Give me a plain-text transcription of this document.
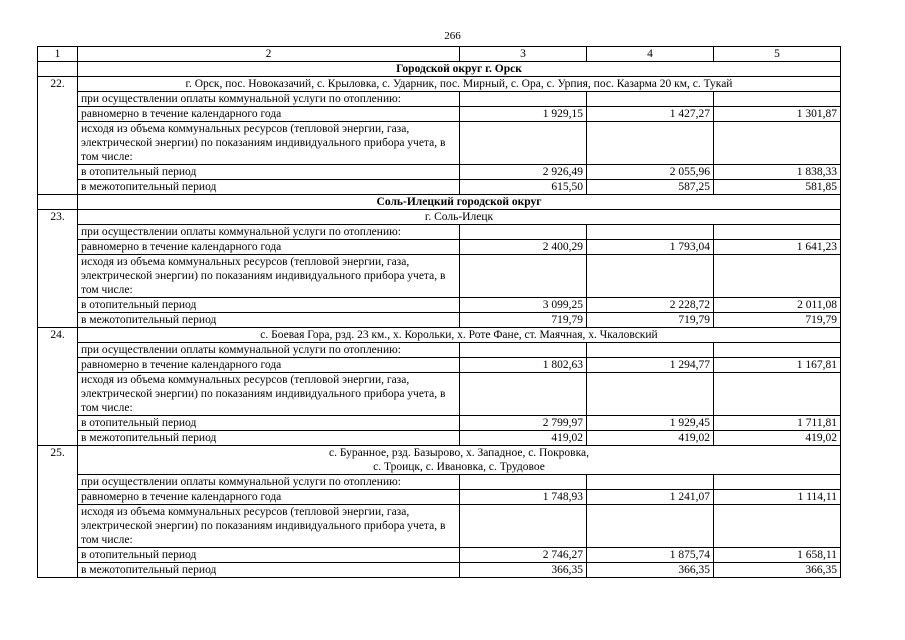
266
1	2	3	4	5
	Городской округ г. Орск			
22.	г. Орск, пос. Новоказачий, с. Крыловка, с. Ударник, пос. Мирный, с. Ора, с. Урпия, пос. Казарма 20 км, с. Тукай			

	при осуществлении оплаты коммунальной услуги по отоплению:			
	равномерно в течение календарного года	1 929,15	1 427,27	1 301,87
	исходя из объема коммунальных ресурсов (тепловой энергии, газа, электрической энергии) по показаниям индивидуального прибора учета, в том числе:			
	в отопительный период	2 926,49	2 055,96	1 838,33
	в межотопительный период	615,50	587,25	581,85
	Соль-Илецкий городской округ			
23.	г. Соль-Илецк			

	при осуществлении оплаты коммунальной услуги по отоплению:			
	равномерно в течение календарного года	2 400,29	1 793,04	1 641,23
	исходя из объема коммунальных ресурсов (тепловой энергии, газа, электрической энергии) по показаниям индивидуального прибора учета, в том числе:			
	в отопительный период	3 099,25	2 228,72	2 011,08
	в межотопительный период	719,79	719,79	719,79
24.	с. Боевая Гора, рзд. 23 км., х. Корольки, х. Роте Фане, ст. Маячная, х. Чкаловский			

	при осуществлении оплаты коммунальной услуги по отоплению:			
	равномерно в течение календарного года	1 802,63	1 294,77	1 167,81
	исходя из объема коммунальных ресурсов (тепловой энергии, газа, электрической энергии) по показаниям индивидуального прибора учета, в том числе:			
	в отопительный период	2 799,97	1 929,45	1 711,81
	в межотопительный период	419,02	419,02	419,02
25.	с. Буранное, рзд. Базырово, х. Западное, с. Покровка,
с. Троицк, с. Ивановка, с. Трудовое			

	при осуществлении оплаты коммунальной услуги по отоплению:			
	равномерно в течение календарного года	1 748,93	1 241,07	1 114,11
	исходя из объема коммунальных ресурсов (тепловой энергии, газа, электрической энергии) по показаниям индивидуального прибора учета, в том числе:			
	в отопительный период	2 746,27	1 875,74	1 658,11
	в межотопительный период	366,35	366,35	366,35
